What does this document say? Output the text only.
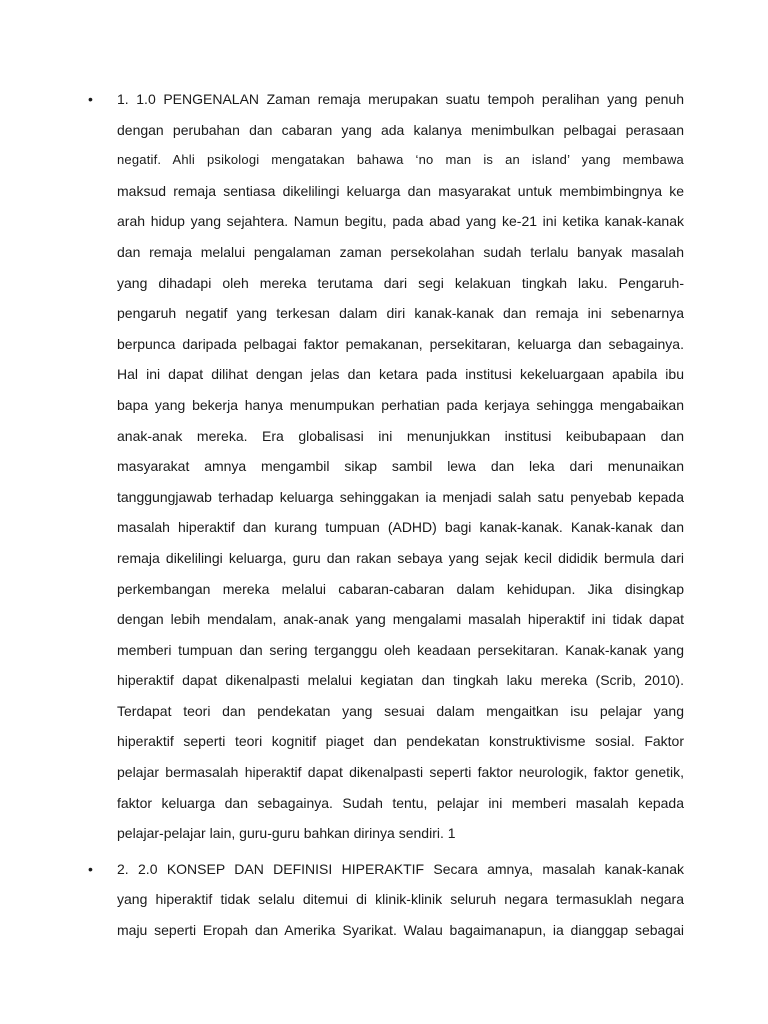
• 1. 1.0 PENGENALAN Zaman remaja merupakan suatu tempoh peralihan yang penuh
dengan perubahan dan cabaran yang ada kalanya menimbulkan pelbagai perasaan
negatif. Ahli psikologi mengatakan bahawa ‘no man is an island’ yang membawa
maksud remaja sentiasa dikelilingi keluarga dan masyarakat untuk membimbingnya ke
arah hidup yang sejahtera. Namun begitu, pada abad yang ke-21 ini ketika kanak-kanak
dan remaja melalui pengalaman zaman persekolahan sudah terlalu banyak masalah
yang dihadapi oleh mereka terutama dari segi kelakuan tingkah laku. Pengaruh-
pengaruh negatif yang terkesan dalam diri kanak-kanak dan remaja ini sebenarnya
berpunca daripada pelbagai faktor pemakanan, persekitaran, keluarga dan sebagainya.
Hal ini dapat dilihat dengan jelas dan ketara pada institusi kekeluargaan apabila ibu
bapa yang bekerja hanya menumpukan perhatian pada kerjaya sehingga mengabaikan
anak-anak mereka. Era globalisasi ini menunjukkan institusi keibubapaan dan
masyarakat amnya mengambil sikap sambil lewa dan leka dari menunaikan
tanggungjawab terhadap keluarga sehinggakan ia menjadi salah satu penyebab kepada
masalah hiperaktif dan kurang tumpuan (ADHD) bagi kanak-kanak. Kanak-kanak dan
remaja dikelilingi keluarga, guru dan rakan sebaya yang sejak kecil dididik bermula dari
perkembangan mereka melalui cabaran-cabaran dalam kehidupan. Jika disingkap
dengan lebih mendalam, anak-anak yang mengalami masalah hiperaktif ini tidak dapat
memberi tumpuan dan sering terganggu oleh keadaan persekitaran. Kanak-kanak yang
hiperaktif dapat dikenalpasti melalui kegiatan dan tingkah laku mereka (Scrib, 2010).
Terdapat teori dan pendekatan yang sesuai dalam mengaitkan isu pelajar yang
hiperaktif seperti teori kognitif piaget dan pendekatan konstruktivisme sosial. Faktor
pelajar bermasalah hiperaktif dapat dikenalpasti seperti faktor neurologik, faktor genetik,
faktor keluarga dan sebagainya. Sudah tentu, pelajar ini memberi masalah kepada
pelajar-pelajar lain, guru-guru bahkan dirinya sendiri. 1
• 2. 2.0 KONSEP DAN DEFINISI HIPERAKTIF Secara amnya, masalah kanak-kanak
yang hiperaktif tidak selalu ditemui di klinik-klinik seluruh negara termasuklah negara
maju seperti Eropah dan Amerika Syarikat. Walau bagaimanapun, ia dianggap sebagai
